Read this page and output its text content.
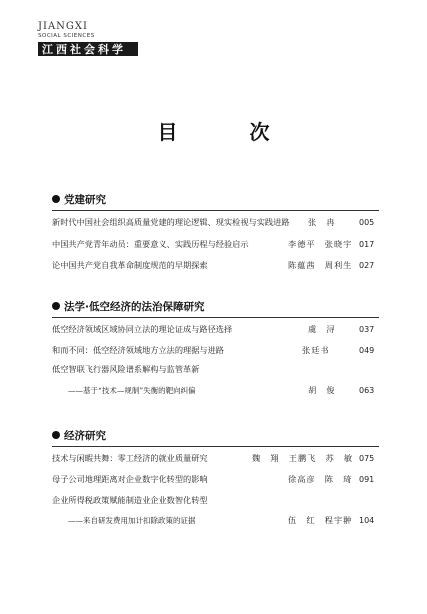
JIANGXI
SOCIAL SCIENCES
江西社会科学
目　次
党建研究
新时代中国社会组织高质量党建的理论逻辑、现实检视与实践进路 张　冉	005
中国共产党青年动员：重要意义、实践历程与经验启示	李德平　张晓宇 017
论中国共产党自我革命制度规范的早期探索	陈蕴茜　周利生 027
法学·低空经济的法治保障研究
低空经济领域区域协同立法的理论证成与路径选择	虞　浔	037
和而不同：低空经济领域地方立法的理据与进路	张廷书	049
低空智联飞行器风险谱系解构与监管革新
——基于“技术—规制”失衡的靶向纠偏	胡　俊	063
经济研究
技术与闲暇共舞：零工经济的就业质量研究	魏　翔　王鹏飞　苏　敏 075
母子公司地理距离对企业数字化转型的影响	徐高彦　陈　琦 091
企业所得税政策赋能制造业企业数智化转型
——来自研发费用加计扣除政策的证据	伍　红　程宇翀 104
